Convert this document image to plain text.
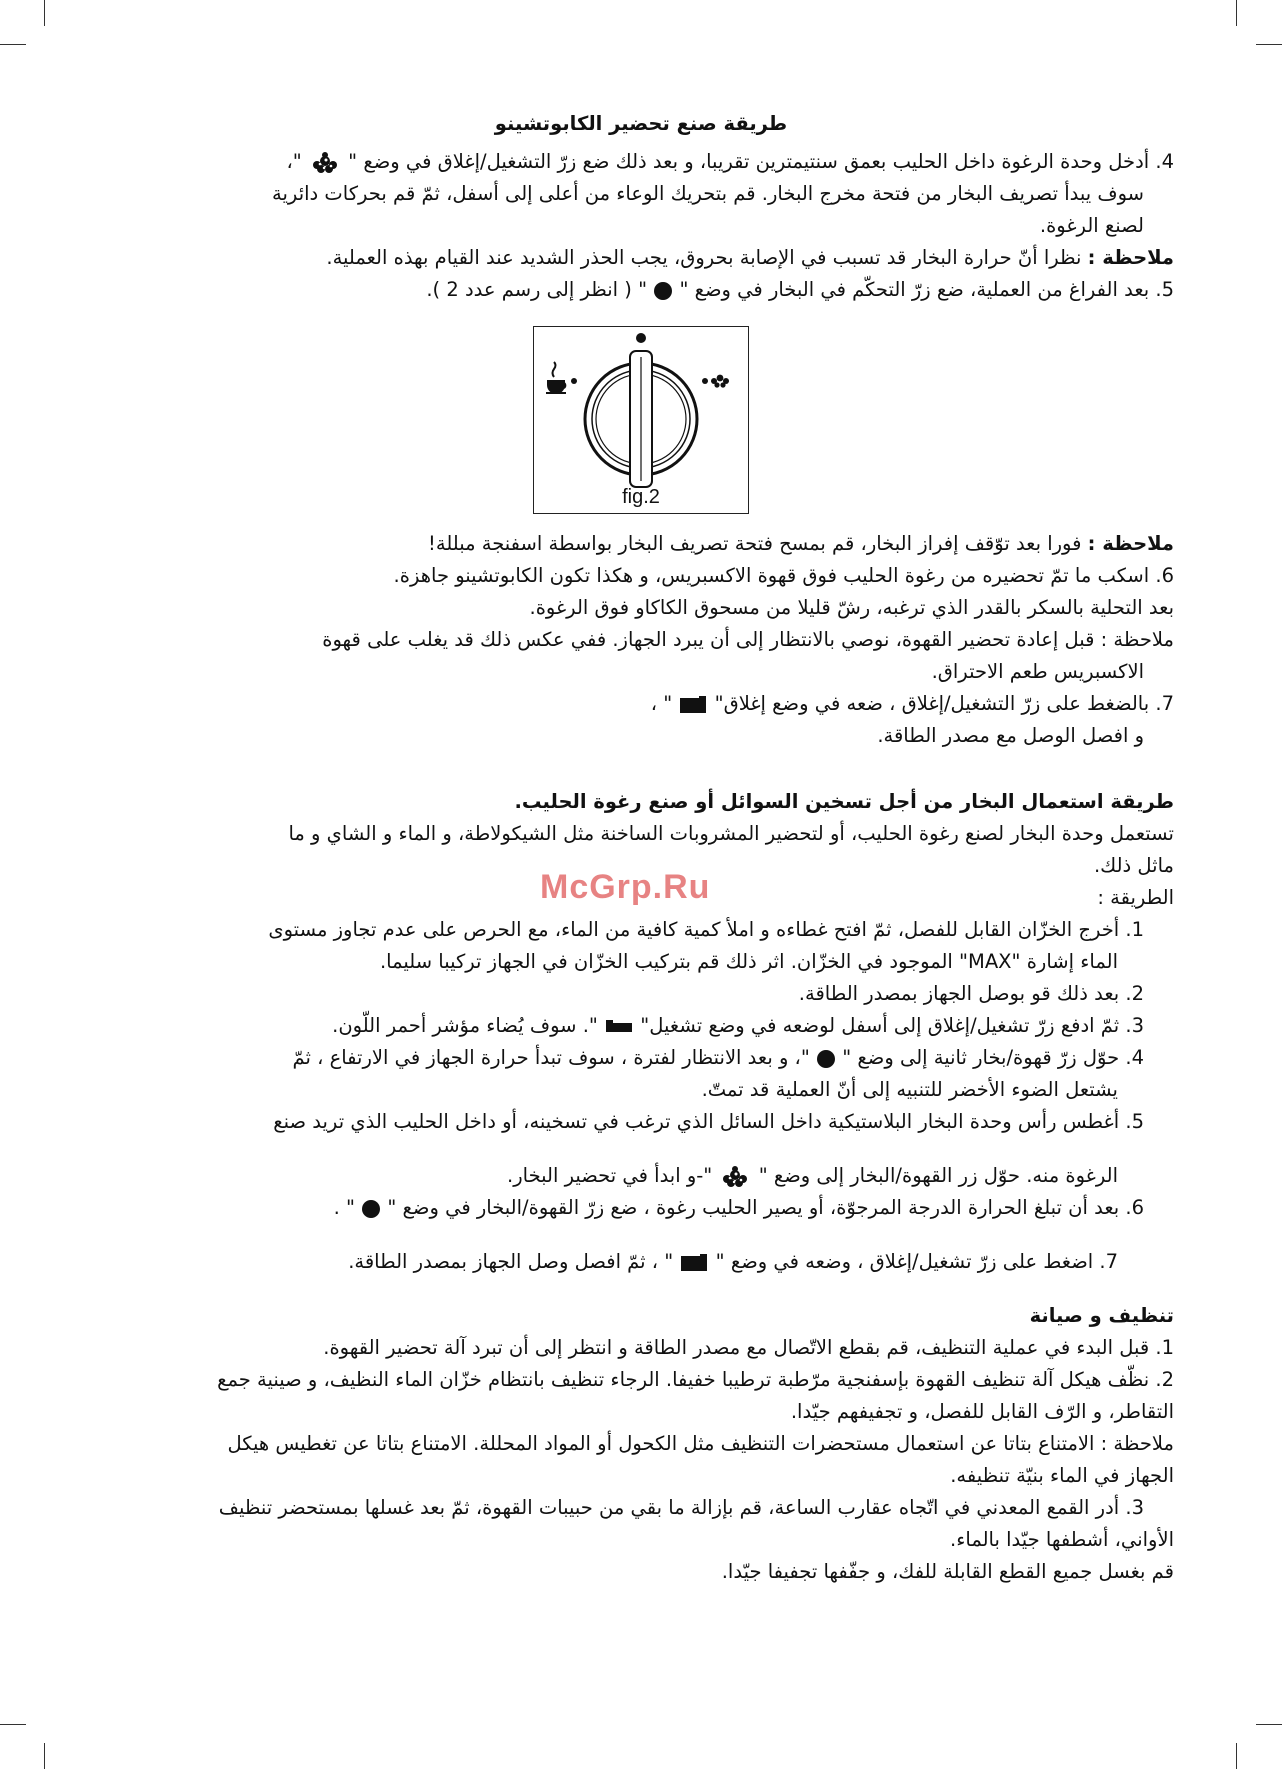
McGrp.Ru
طريقة صنع تحضير الكابوتشينو
4. أدخل وحدة الرغوة داخل الحليب بعمق سنتيمترين تقريبا، و بعد ذلك ضع زرّ التشغيل/إغلاق في وضع "  "،
سوف يبدأ تصريف البخار من فتحة مخرج البخار. قم بتحريك الوعاء من أعلى إلى أسفل، ثمّ قم بحركات دائرية
لصنع الرغوة.
ملاحظة : نظرا أنّ حرارة البخار قد تسبب في الإصابة بحروق، يجب الحذر الشديد عند القيام بهذه العملية.
5. بعد الفراغ من العملية، ضع زرّ التحكّم في البخار في وضع "  " ( انظر إلى رسم عدد 2 ).
fig.2
ملاحظة : فورا بعد توّقف إفراز البخار، قم بمسح فتحة تصريف البخار بواسطة اسفنجة مبللة!
6. اسكب ما تمّ تحضيره من رغوة الحليب فوق قهوة الاكسبريس، و هكذا تكون الكابوتشينو جاهزة.
بعد التحلية بالسكر بالقدر الذي ترغبه، رشّ قليلا من مسحوق الكاكاو فوق الرغوة.
ملاحظة : قبل إعادة تحضير القهوة، نوصي بالانتظار إلى أن يبرد الجهاز. ففي عكس ذلك قد يغلب على قهوة
الاكسبريس طعم الاحتراق.
7. بالضغط على زرّ التشغيل/إغلاق ، ضعه في وضع إغلاق"  " ،
و افصل الوصل مع مصدر الطاقة.
طريقة استعمال البخار من أجل تسخين السوائل أو صنع رغوة الحليب.
تستعمل وحدة البخار لصنع رغوة الحليب، أو لتحضير المشروبات الساخنة مثل الشيكولاطة، و الماء و الشاي و ما
ماثل ذلك.
الطريقة :
1. أخرج الخزّان القابل للفصل، ثمّ افتح غطاءه و املأ كمية كافية من الماء، مع الحرص على عدم تجاوز مستوى
الماء إشارة "MAX" الموجود في الخزّان. اثر ذلك قم بتركيب الخزّان في الجهاز تركيبا سليما.
2. بعد ذلك قو بوصل الجهاز بمصدر الطاقة.
3. ثمّ ادفع زرّ تشغيل/إغلاق إلى أسفل لوضعه في وضع تشغيل"  ". سوف يُضاء مؤشر أحمر اللّون.
4. حوّل زرّ قهوة/بخار ثانية إلى وضع "  "، و بعد الانتظار لفترة ، سوف تبدأ حرارة الجهاز في الارتفاع ، ثمّ
يشتعل الضوء الأخضر للتنبيه إلى أنّ العملية قد تمتّ.
5. أغطس رأس وحدة البخار البلاستيكية داخل السائل الذي ترغب في تسخينه، أو داخل الحليب الذي تريد صنع
الرغوة منه. حوّل زر القهوة/البخار إلى وضع "  "-و ابدأ في تحضير البخار.
6. بعد أن تبلغ الحرارة الدرجة المرجوّة، أو يصير الحليب رغوة ، ضع زرّ القهوة/البخار في وضع "  " .
7. اضغط على زرّ تشغيل/إغلاق ، وضعه في وضع "  " ، ثمّ افصل وصل الجهاز بمصدر الطاقة.
تنظيف و صيانة
1. قبل البدء في عملية التنظيف، قم بقطع الاتّصال مع مصدر الطاقة و انتظر إلى أن تبرد آلة تحضير القهوة.
2. نظّف هيكل آلة تنظيف القهوة بإسفنجية مرّطبة ترطيبا خفيفا. الرجاء تنظيف بانتظام خزّان الماء النظيف، و صينية جمع
التقاطر، و الرّف القابل للفصل، و تجفيفهم جيّدا.
ملاحظة : الامتناع بتاتا عن استعمال مستحضرات التنظيف مثل الكحول أو المواد المحللة. الامتناع بتاتا عن تغطيس هيكل
الجهاز في الماء بنيّة تنظيفه.
3. أدر القمع المعدني في اتّجاه عقارب الساعة، قم بإزالة ما بقي من حبيبات القهوة، ثمّ بعد غسلها بمستحضر تنظيف
الأواني، أشطفها جيّدا بالماء.
قم بغسل جميع القطع القابلة للفك، و جفّفها تجفيفا جيّدا.
